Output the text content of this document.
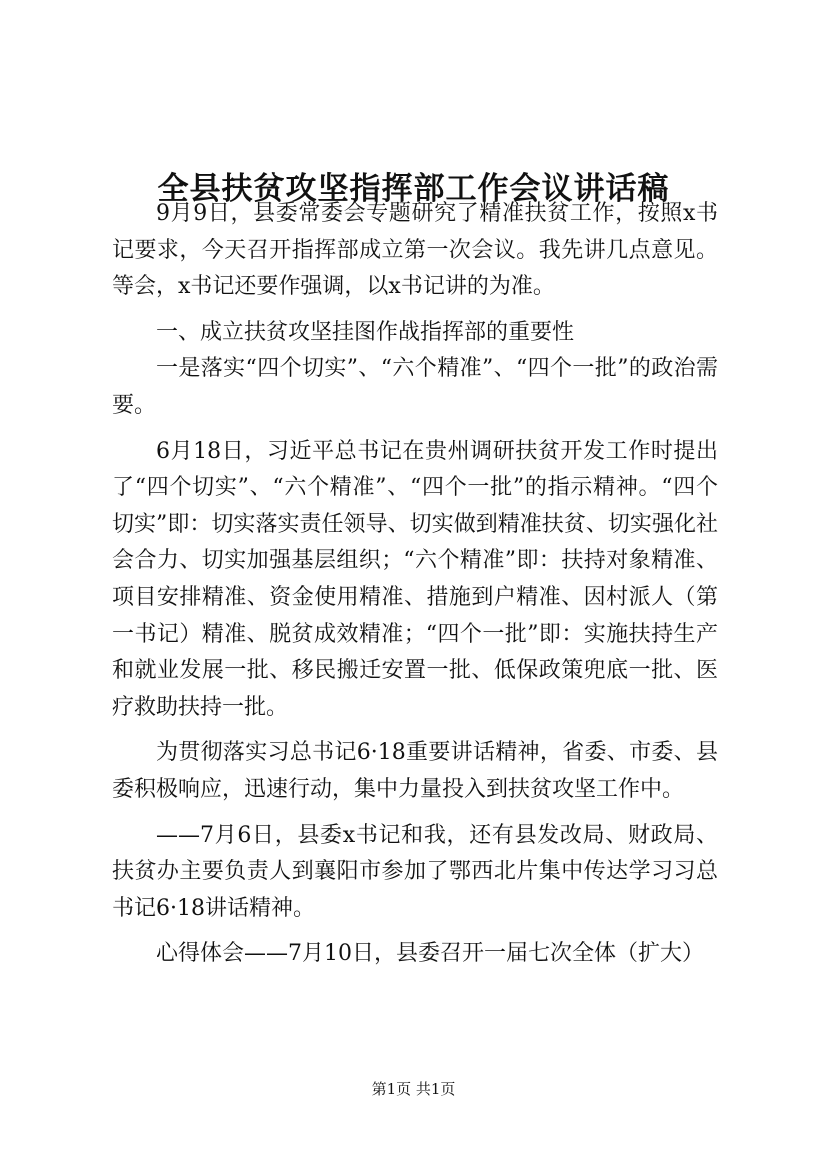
全县扶贫攻坚指挥部工作会议讲话稿

9月9日，县委常委会专题研究了精准扶贫工作，按照x书记要求，今天召开指挥部成立第一次会议。我先讲几点意见。等会，x书记还要作强调，以x书记讲的为准。

一、成立扶贫攻坚挂图作战指挥部的重要性

一是落实“四个切实”、“六个精准”、“四个一批”的政治需要。

6月18日，习近平总书记在贵州调研扶贫开发工作时提出了“四个切实”、“六个精准”、“四个一批”的指示精神。“四个切实”即：切实落实责任领导、切实做到精准扶贫、切实强化社会合力、切实加强基层组织；“六个精准”即：扶持对象精准、项目安排精准、资金使用精准、措施到户精准、因村派人（第一书记）精准、脱贫成效精准；“四个一批”即：实施扶持生产和就业发展一批、移民搬迁安置一批、低保政策兜底一批、医疗救助扶持一批。

为贯彻落实习总书记6·18重要讲话精神，省委、市委、县委积极响应，迅速行动，集中力量投入到扶贫攻坚工作中。

——7月6日，县委x书记和我，还有县发改局、财政局、扶贫办主要负责人到襄阳市参加了鄂西北片集中传达学习习总书记6·18讲话精神。

心得体会——7月10日，县委召开一届七次全体（扩大）

第1页 共1页
